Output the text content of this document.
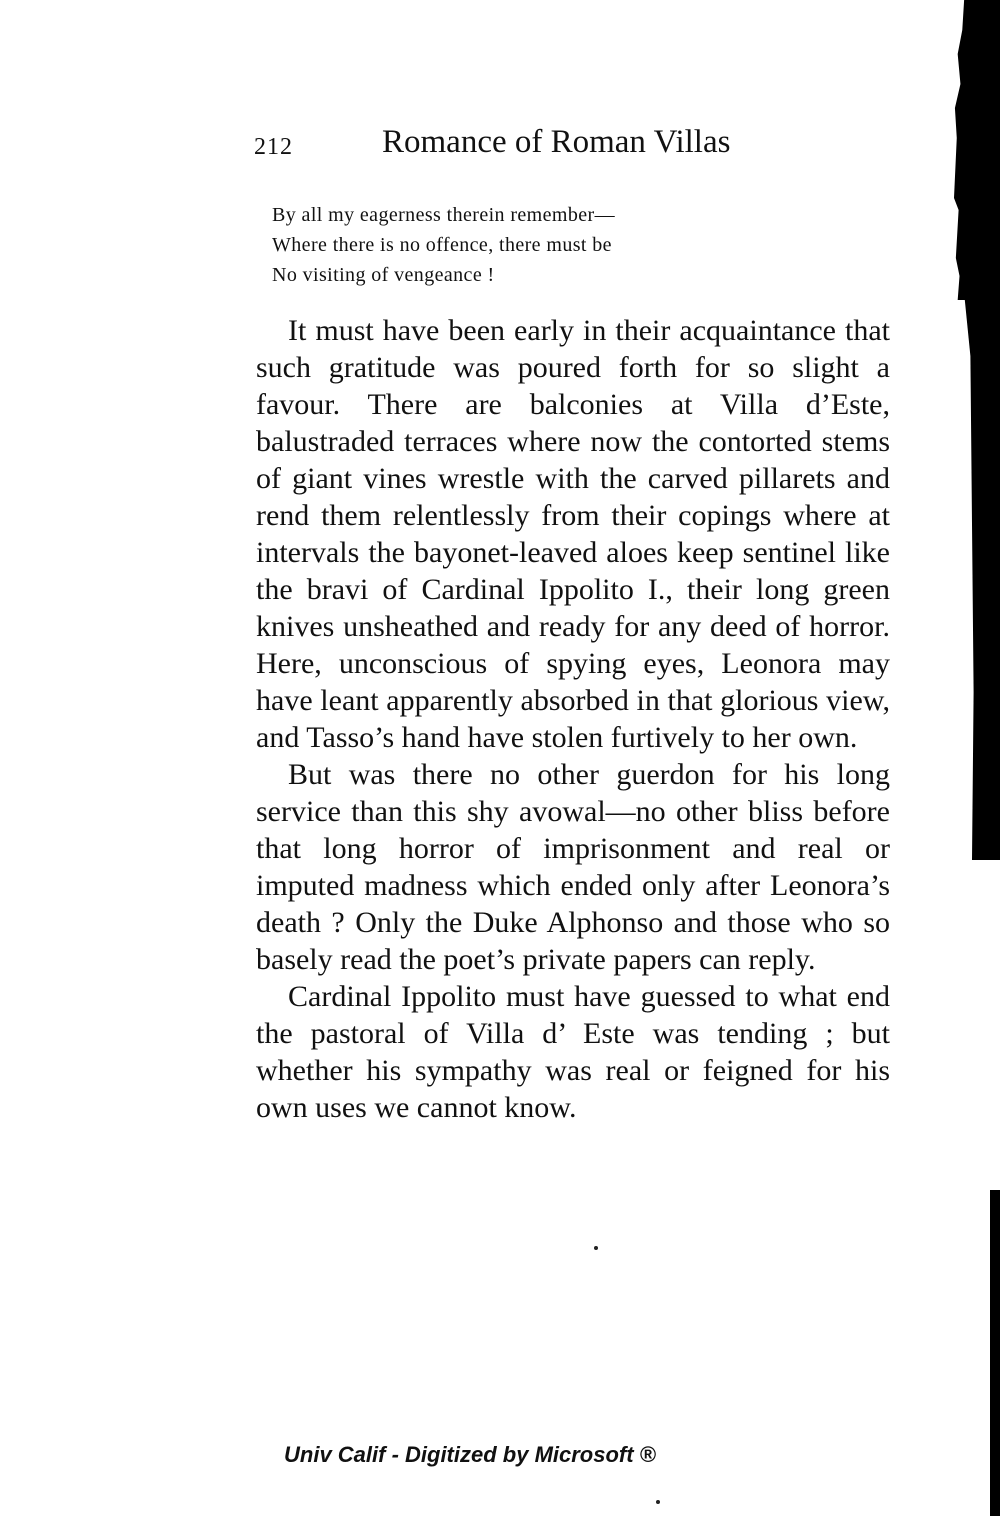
212	Romance of Roman Villas
By all my eagerness therein remember—
Where there is no offence, there must be
No visiting of vengeance !

It must have been early in their acquaintance that such gratitude was poured forth for so slight a favour. There are balconies at Villa d’Este, balustraded terraces where now the contorted stems of giant vines wrestle with the carved pillarets and rend them relentlessly from their copings where at intervals the bayonet-leaved aloes keep sentinel like the bravi of Cardinal Ippolito I., their long green knives unsheathed and ready for any deed of horror. Here, unconscious of spying eyes, Leonora may have leant apparently absorbed in that glorious view, and Tasso’s hand have stolen furtively to her own.

But was there no other guerdon for his long service than this shy avowal—no other bliss before that long horror of imprisonment and real or imputed madness which ended only after Leonora’s death ? Only the Duke Alphonso and those who so basely read the poet’s private papers can reply.

Cardinal Ippolito must have guessed to what end the pastoral of Villa d’ Este was tending ; but whether his sympathy was real or feigned for his own uses we cannot know.

Univ Calif - Digitized by Microsoft ®
